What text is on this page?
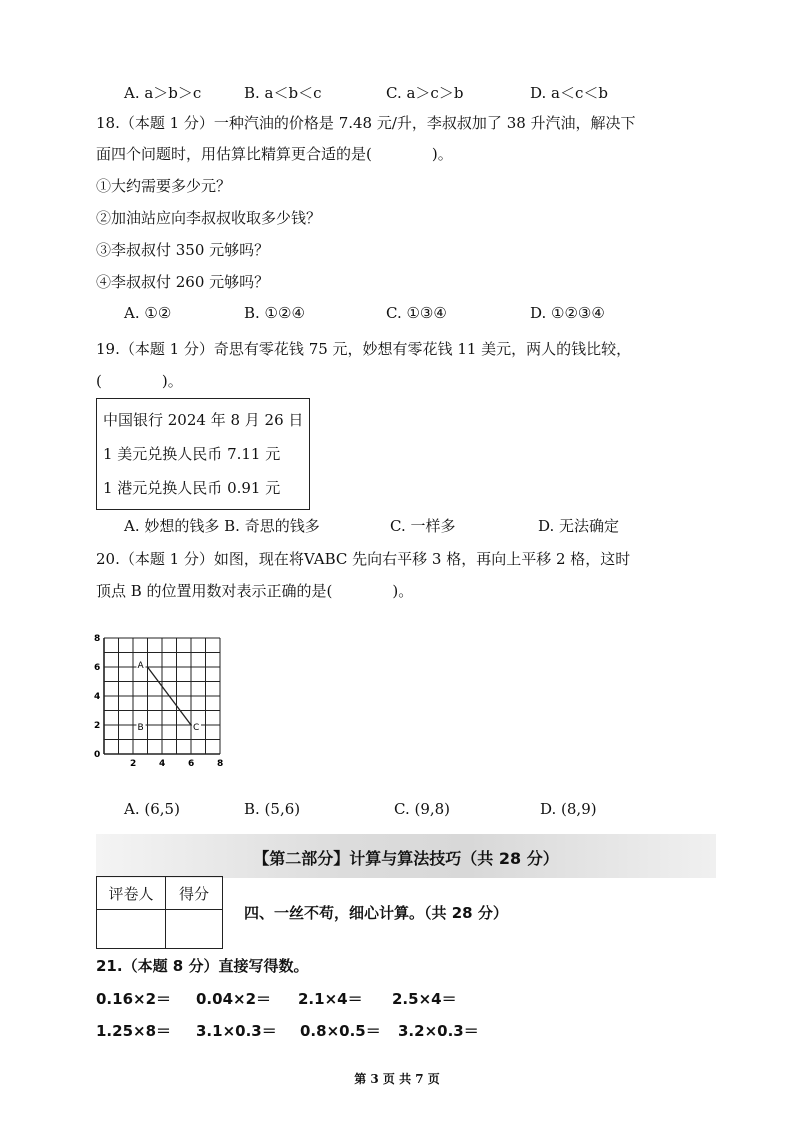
A. a＞b＞c	B. a＜b＜c	C. a＞c＞b	D. a＜c＜b
18.（本题 1 分）一种汽油的价格是 7.48 元/升，李叔叔加了 38 升汽油，解决下
面四个问题时，用估算比精算更合适的是(　　　　)。
①大约需要多少元？
②加油站应向李叔叔收取多少钱？
③李叔叔付 350 元够吗？
④李叔叔付 260 元够吗？
A. ①②	B. ①②④	C. ①③④	D. ①②③④
19.（本题 1 分）奇思有零花钱 75 元，妙想有零花钱 11 美元，两人的钱比较，
(　　　　)。
中国银行 2024 年 8 月 26 日
1 美元兑换人民币 7.11 元
1 港元兑换人民币 0.91 元
A. 妙想的钱多 B. 奇思的钱多	C. 一样多	D. 无法确定
20.（本题 1 分）如图，现在将VABC 先向右平移 3 格，再向上平移 2 格，这时
顶点 B 的位置用数对表示正确的是(　　　　)。
8
6
4
2
0
2	4	6	8
A
B	C
A. (6,5)	B. (5,6)	C. (9,8)	D. (8,9)
【第二部分】计算与算法技巧（共 28 分）
评卷人	得分

四、一丝不苟，细心计算。（共 28 分）
21.（本题 8 分）直接写得数。
0.16×2＝ 0.04×2＝ 2.1×4＝ 2.5×4＝
1.25×8＝ 3.1×0.3＝ 0.8×0.5＝ 3.2×0.3＝
第 3 页 共 7 页
